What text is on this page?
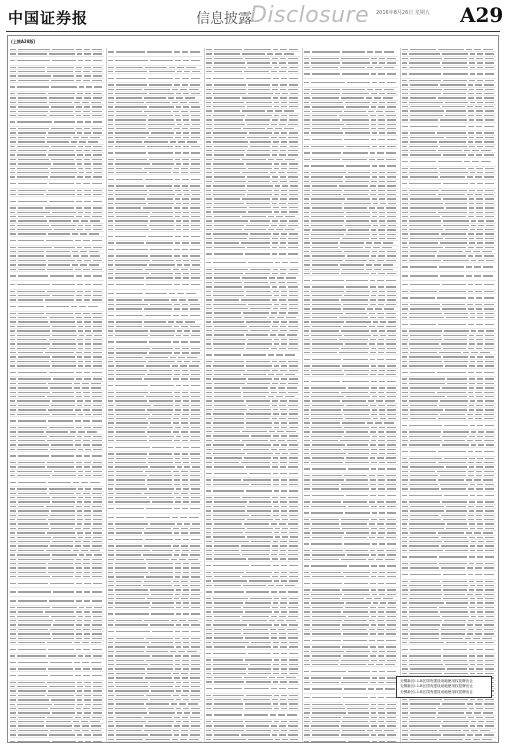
中国证券报	信息披露
Disclosure 2016年8月26日 星期五 A29
(上接A28版)
无锡新区I-1-B区国有建设用地使用权挂牌出让
无锡新区I-1-B区国有建设用地使用权挂牌出让
无锡新区I-1-B区国有建设用地使用权挂牌出让
